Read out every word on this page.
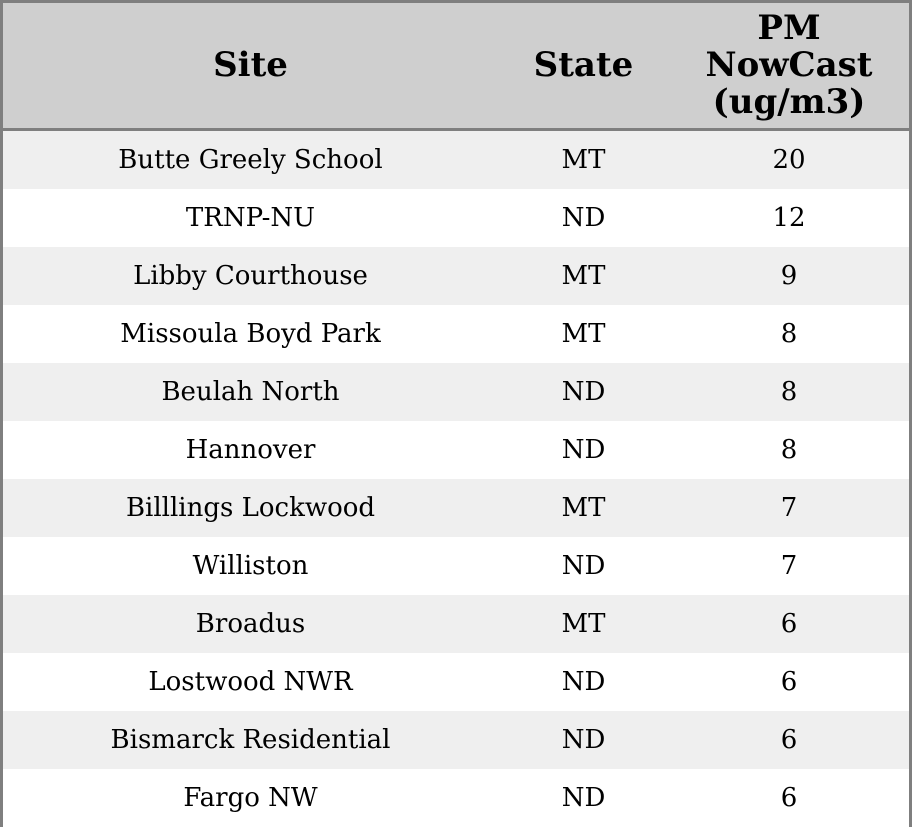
Site	State	PM
NowCast
(ug/m3)
Butte Greely School	MT	20
TRNP-NU	ND	12
Libby Courthouse	MT	9
Missoula Boyd Park	MT	8
Beulah North	ND	8
Hannover	ND	8
Billlings Lockwood	MT	7
Williston	ND	7
Broadus	MT	6
Lostwood NWR	ND	6
Bismarck Residential	ND	6
Fargo NW	ND	6
